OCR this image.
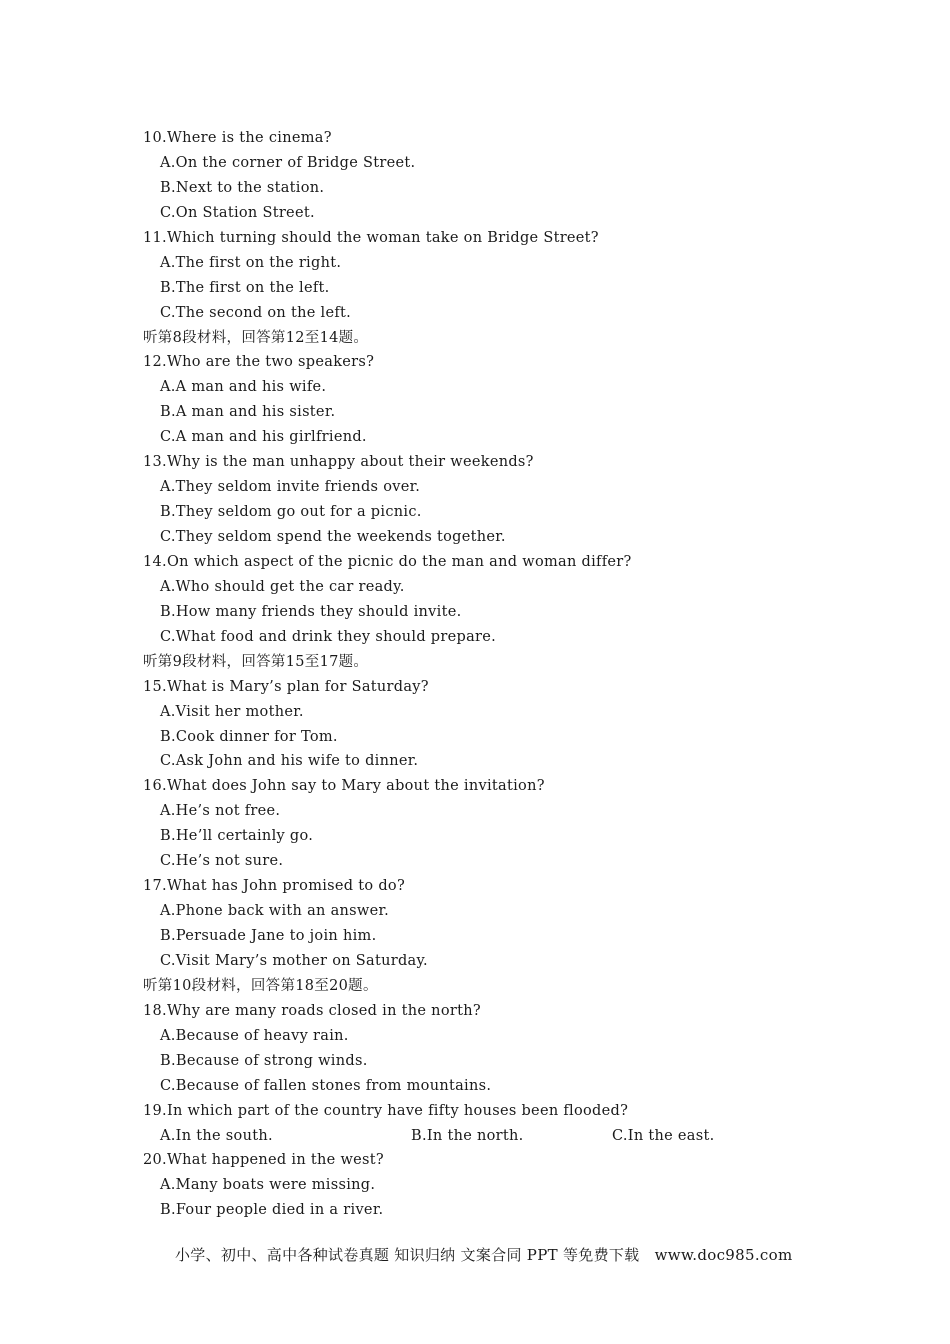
10.Where is the cinema?
A.On the corner of Bridge Street.
B.Next to the station.
C.On Station Street.
11.Which turning should the woman take on Bridge Street?
A.The first on the right.
B.The first on the left.
C.The second on the left.
听第8段材料，回答第12至14题。
12.Who are the two speakers?
A.A man and his wife.
B.A man and his sister.
C.A man and his girlfriend.
13.Why is the man unhappy about their weekends?
A.They seldom invite friends over.
B.They seldom go out for a picnic.
C.They seldom spend the weekends together.
14.On which aspect of the picnic do the man and woman differ?
A.Who should get the car ready.
B.How many friends they should invite.
C.What food and drink they should prepare.
听第9段材料，回答第15至17题。
15.What is Mary’s plan for Saturday?
A.Visit her mother.
B.Cook dinner for Tom.
C.Ask John and his wife to dinner.
16.What does John say to Mary about the invitation?
A.He’s not free.
B.He’ll certainly go.
C.He’s not sure.
17.What has John promised to do?
A.Phone back with an answer.
B.Persuade Jane to join him.
C.Visit Mary’s mother on Saturday.
听第10段材料，回答第18至20题。
18.Why are many roads closed in the north?
A.Because of heavy rain.
B.Because of strong winds.
C.Because of fallen stones from mountains.
19.In which part of the country have fifty houses been flooded?

A.In the south.

	B.In the north.

	C.In the east.

20.What happened in the west?
A.Many boats were missing.
B.Four people died in a river.
小学、初中、高中各种试卷真题 知识归纳 文案合同 PPT 等免费下载   www.doc985.com
